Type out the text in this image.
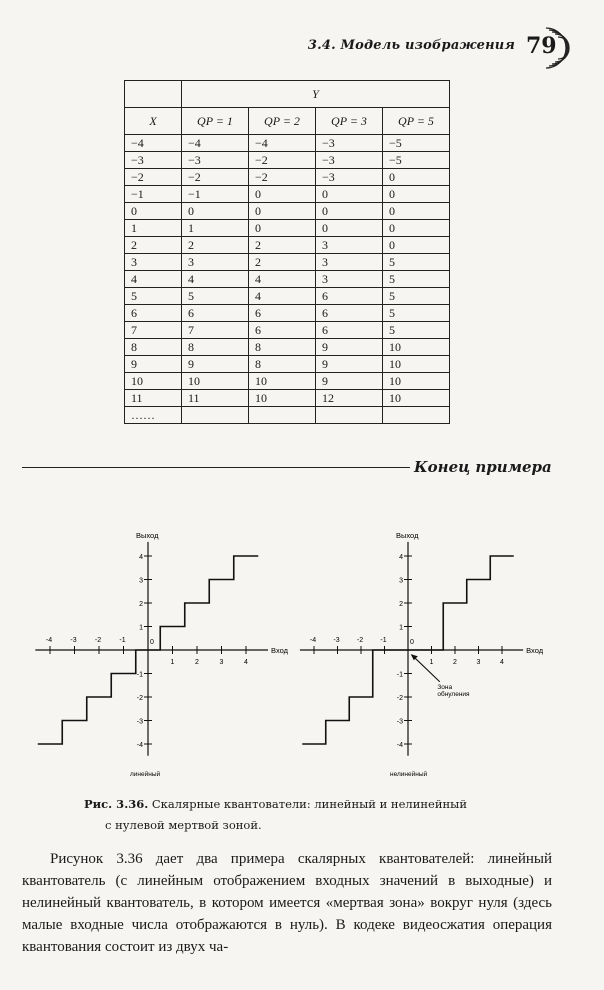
3.4. Модель изображения 79
	Y			
X	QP = 1	QP = 2	QP = 3	QP = 5
−4	−4	−4	−3	−5
−3	−3	−2	−3	−5
−2	−2	−2	−3	0
−1	−1	0	0	0
0	0	0	0	0
1	1	0	0	0
2	2	2	3	0
3	3	2	3	5
4	4	4	3	5
5	5	4	6	5
6	6	6	6	5
7	7	6	6	5
8	8	8	9	10
9	9	8	9	10
10	10	10	9	10
11	11	10	12	10
……				
Конец примера
-4	-3	-2	-1	0
1	2	3	4
4
3
2
1
-1
-2
-3
-4
Выход
Вход
линейный
-4 -3 -2 -1	0
1	2	3	4
4
3
2
1
-1
-2
-3
-4
Выход
Вход
нелинейный
Зона
обнуления
Рис. 3.36. Скалярные квантователи: линейный и нелинейный
с нулевой мертвой зоной.

Рисунок 3.36 дает два примера скалярных квантователей: линейный квантователь (с линейным отображением входных значений в выходные) и нелинейный квантователь, в котором имеется «мертвая зона» вокруг нуля (здесь малые входные числа отображаются в нуль). В кодеке видеосжатия операция квантования состоит из двух ча-
